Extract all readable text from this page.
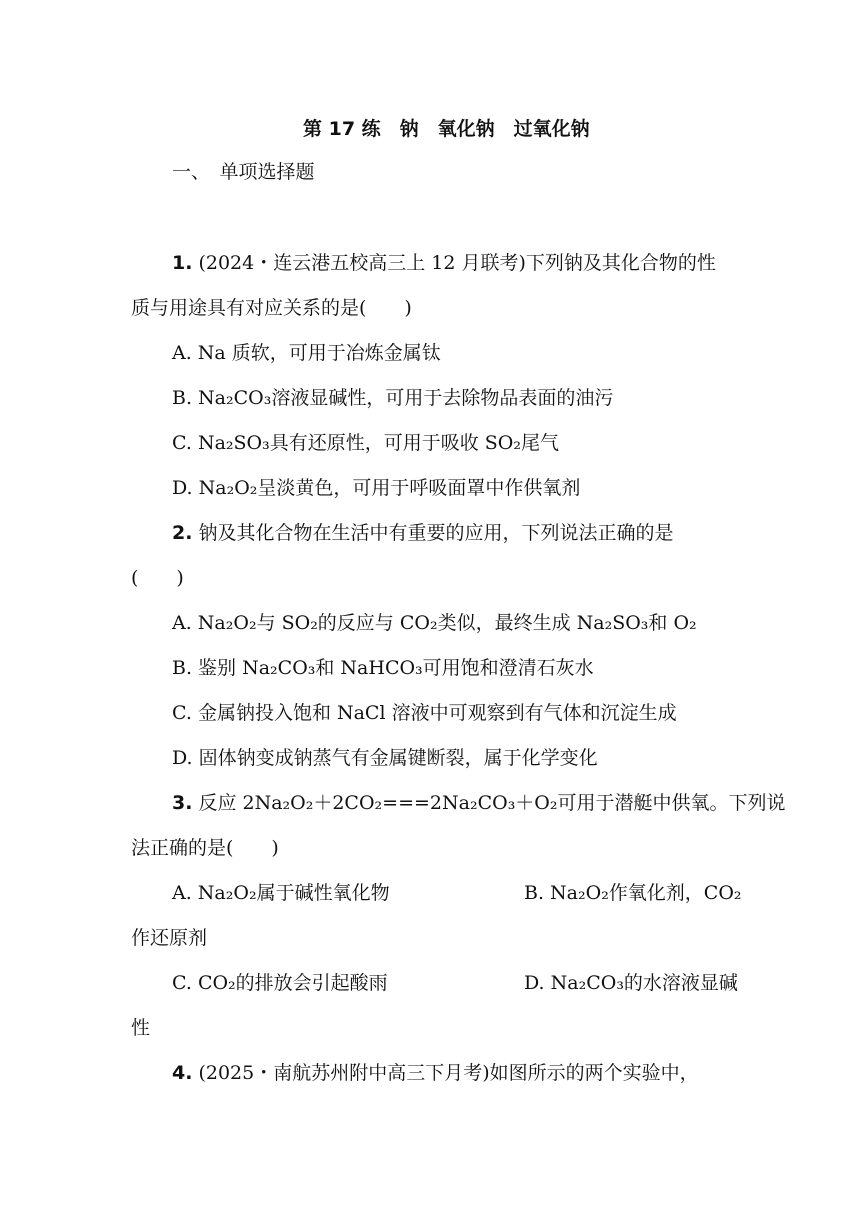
第 17 练　钠　氧化钠　过氧化钠
一、　单项选择题
1. (2024・连云港五校高三上 12 月联考)下列钠及其化合物的性
质与用途具有对应关系的是(　　)
A. Na 质软，可用于冶炼金属钛
B. Na₂CO₃溶液显碱性，可用于去除物品表面的油污
C. Na₂SO₃具有还原性，可用于吸收 SO₂尾气
D. Na₂O₂呈淡黄色，可用于呼吸面罩中作供氧剂
2. 钠及其化合物在生活中有重要的应用，下列说法正确的是
(　　)
A. Na₂O₂与 SO₂的反应与 CO₂类似，最终生成 Na₂SO₃和 O₂
B. 鉴别 Na₂CO₃和 NaHCO₃可用饱和澄清石灰水
C. 金属钠投入饱和 NaCl 溶液中可观察到有气体和沉淀生成
D. 固体钠变成钠蒸气有金属键断裂，属于化学变化
3. 反应 2Na₂O₂＋2CO₂===2Na₂CO₃＋O₂可用于潜艇中供氧。下列说
法正确的是(　　)
A. Na₂O₂属于碱性氧化物	B. Na₂O₂作氧化剂，CO₂
作还原剂
C. CO₂的排放会引起酸雨	D. Na₂CO₃的水溶液显碱
性
4. (2025・南航苏州附中高三下月考)如图所示的两个实验中，
